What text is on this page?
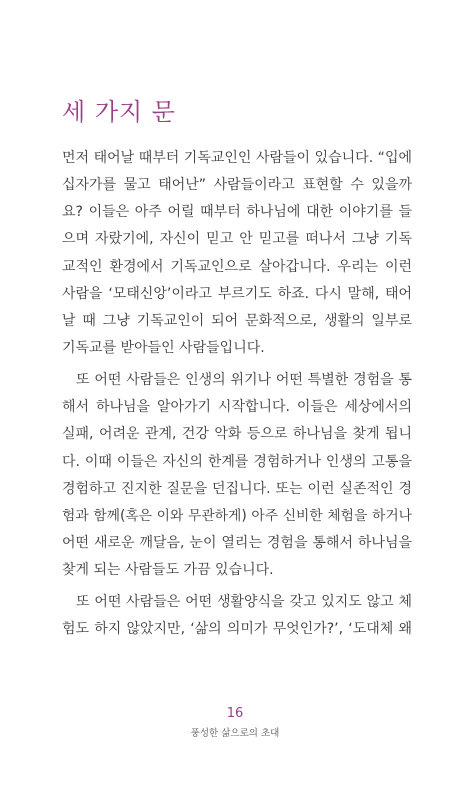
세 가지 문
먼저 태어날 때부터 기독교인인 사람들이 있습니다. “입에
십자가를 물고 태어난” 사람들이라고 표현할 수 있을까
요? 이들은 아주 어릴 때부터 하나님에 대한 이야기를 들
으며 자랐기에, 자신이 믿고 안 믿고를 떠나서 그냥 기독
교적인 환경에서 기독교인으로 살아갑니다. 우리는 이런
사람을 ‘모태신앙’이라고 부르기도 하죠. 다시 말해, 태어
날 때 그냥 기독교인이 되어 문화적으로, 생활의 일부로
기독교를 받아들인 사람들입니다.
또 어떤 사람들은 인생의 위기나 어떤 특별한 경험을 통
해서 하나님을 알아가기 시작합니다. 이들은 세상에서의
실패, 어려운 관계, 건강 악화 등으로 하나님을 찾게 됩니
다. 이때 이들은 자신의 한계를 경험하거나 인생의 고통을
경험하고 진지한 질문을 던집니다. 또는 이런 실존적인 경
험과 함께(혹은 이와 무관하게) 아주 신비한 체험을 하거나
어떤 새로운 깨달음, 눈이 열리는 경험을 통해서 하나님을
찾게 되는 사람들도 가끔 있습니다.
또 어떤 사람들은 어떤 생활양식을 갖고 있지도 않고 체
험도 하지 않았지만, ‘삶의 의미가 무엇인가?’, ‘도대체 왜
16
풍성한 삶으로의 초대
